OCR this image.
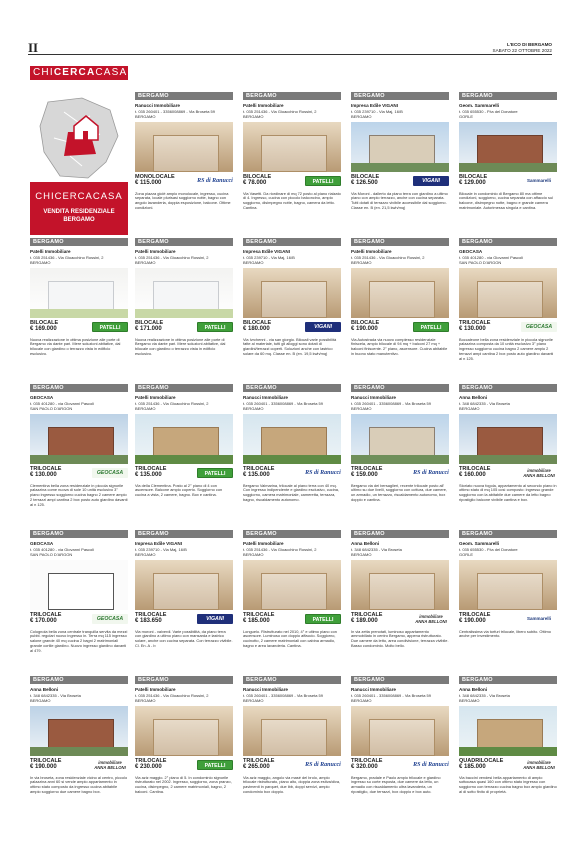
II	L'ECO DI BERGAMO
SABATO 22 OTTOBRE 2022
CHICERCACASA
CHICERCACASA
VENDITA RESIDENZIALE
BERGAMO
BERGAMO
Ranucci Immobiliare
t. 035 260401 - 3356008869 - Via Broseta 59
BERGAMO
MONOLOCALE
€ 115.000	RS di Ranucci
Zona piazza giolè ampio monolocale, ingresso, cucina separata, locale plurisasi soggiorno notte, bagno con angolo lavanderia, doppia esposizione, balcone. Ottime condizioni.
BERGAMO
Patelli Immobiliare
t. 035 251436 - Via Gioacchino Rossini, 2
BERGAMO
BILOCALE
€ 78.000	PATELLI
Via Vasetti. Da riordinare di mq 72 posto al piano rialzato di 4. Ingresso, cucina con piccolo balconcino, ampio soggiorno, disimpegno notte, bagno, camera da letto. Cantina.
BERGAMO
Impresa Edile VIGANI
t. 035 239710 - Via Maj, 16/B
BERGAMO
BILOCALE
€ 126.500	VIGANI
Via Moroni - dallerto da piano terra con giardino a ultimo piano con ampio terrazzo, anche con cucina separata. Tutti dotati di terrazzo vivibile accessibile dal soggiorno. Classe en. B (en. 21,5 kwh/mq)
BERGAMO
Geom. Sammarelli
t. 035 655530 - P.ta del Donatore
GORLE
BILOCALE
€ 129.000	Sammarelli
Bilocale in condominio di Bergamo 80 ma ottime condizioni, soggiorno, cucina separata con affaccio sul balcone, disimpegno notte, bagno e grande camera matrimoniale. Autorimessa singola e cantina.
BERGAMO
Patelli Immobiliare
t. 035 251436 - Via Gioacchino Rossini, 2
BERGAMO
BILOCALE
€ 169.000	PATELLI
Nuova realizzazione in ottima posizione alle porte di Bergamo via dante pari. Mere soluzioni abitative, dal bilocale con giardino o terrazzo vista in edificio esclusivo.
BERGAMO
Patelli Immobiliare
t. 035 251436 - Via Gioacchino Rossini, 2
BERGAMO
BILOCALE
€ 171.000	PATELLI
Nuova realizzazione in ottima posizione alle porte di Bergamo via dante pari. Mere soluzioni abitative, dal bilocale con giardino o terrazzo vista in edificio esclusivo.
BERGAMO
Impresa Edile VIGANI
t. 035 239710 - Via Maj, 16/B
BERGAMO
BILOCALE
€ 180.000	VIGANI
Via Ivrchenni - via san giorgio. Bilocali varie possibilità fatte al materiale, tutti gli alloggi sono dotati di giardini/terrazzi coperti. Soluzioni anche con lastrico solare da 60 mq. Classe en. B (en. 19,5 kwh/mq)
BERGAMO
Patelli Immobiliare
t. 035 251436 - Via Gioacchino Rossini, 2
BERGAMO
BILOCALE
€ 190.000	PATELLI
Via Autostrada via nuovo complesso residenziale finiscela, ampio bilocale di 94 mq + balconi 27 mq + balconi finiscente. 2° piano, ascensore. Cucina abitabile in buono stato manutentivo.
BERGAMO
GEOCASA
t. 035 401280 - via Giovanni Pascoli
SAN PAOLO D'ARGON
TRILOCALE
€ 130.000	GEOCASA
Boccaleone bella zona residenziale in piccola signorile palazzina composta da 10 unità esclusivo 3° piano ingresso soggiorno cucina bagno 2 camere ampio 2 terrazzi ampi cantina 2 box posto auto giardino davanti al n 125.
BERGAMO
GEOCASA
t. 035 401280 - via Giovanni Pascoli
SAN PAOLO D'ARGON
TRILOCALE
€ 130.000	GEOCASA
Clementina bella zona residenziale in piccola signorile palazzina come nuova di sole 10 unità esclusivo 3° piano ingresso soggiorno cucina bagno 2 camere ampio 2 terrazzi ampi cantina 2 box posto auto giardino davanti al n 125.
BERGAMO
Patelli Immobiliare
t. 035 251436 - Via Gioacchino Rossini, 2
BERGAMO
TRILOCALE
€ 135.000	PATELLI
Via della Clementina. Posto al 2° piano di 4 con ascensore. Balcone ampio coperto. Soggiorno con cucina a vista, 2 camere, bagno. Box e cantina.
BERGAMO
Ranucci Immobiliare
t. 035 260401 - 3356008869 - Via Broseta 59
BERGAMO
TRILOCALE
€ 135.000	RS di Ranucci
Bergamo Valmarina, trilocale al piano terra con 40 mq. Con ingresso indipendente e giardino esclusivo, cucina, soggiorno, camera matrimoniale, cameretta, terrazza, bagno, riscaldamento autonomo.
BERGAMO
Ranucci Immobiliare
t. 035 260401 - 3356008869 - Via Broseta 59
BERGAMO
TRILOCALE
€ 159.000	RS di Ranucci
Bergamo via dei bersaglieri, recente trilocale posto all' ultimo su due livelli, soggiorno con cottura, due camere, un armadio, un terrazzo, riscaldamento autonomo, box doppio e cantina.
BERGAMO
Anna Belloni
t. 348 6842335 - Via Broseta
BERGAMO
TRILOCALE
€ 160.000
immobiliare ANNA BELLONI
Storiato nuova fogola, appartamento al secondo piano in ottimo stato di mq 105 così composto: ingresso grande soggiorno con la abitabile due camere da letto bagno ripostiglio balcone vivibile cantina e box.
BERGAMO
GEOCASA
t. 035 401280 - via Giovanni Pascoli
SAN PAOLO D'ARGON
TRILOCALE
€ 170.000	GEOCASA
Colognola bella zona centrale tranquilla servita da mezzi pubbl. regolari nuovo ingresso in. Terra mq 115 ingresso salone grande 40 mq cucina 2 bagni 2 matrimoniali grande cortile giardino. Nuovo ingresso giardino davanti al 479.
BERGAMO
Impresa Edile VIGANI
t. 035 239710 - Via Maj, 16/B
BERGAMO
TRILOCALE
€ 183.650	VIGANI
Via moroni - valverdi. Varie possibilità, da piano terra con giardino a ultimo piano con mansarda e lastrico solare, anche con cucina separata. Con terrazzo vivibile. Cl. En. A - b
BERGAMO
Patelli Immobiliare
t. 035 251436 - Via Gioacchino Rossini, 2
BERGAMO
TRILOCALE
€ 185.000	PATELLI
Longuelo. Ristrutturato nel 2010, 4° e ultimo piano con ascensore. Luminoso con doppio affaccio. Soggiorno, cucinotto, 2 camere matrimoniali con cabina armadio, bagno e area lavanderia. Cantina.
BERGAMO
Anna Belloni
t. 348 6842335 - Via Broseta
BERGAMO
TRILOCALE
€ 189.000
immobiliare ANNA BELLONI
In via zetta prenotati, luminoso appartamento ammobiliato in centro Bergamo, appena ristrutturato. Due camere da letto, area condivisione, terrazza vivibile. Basso condominio. Molto bello.
BERGAMO
Geom. Sammarelli
t. 035 655530 - P.ta del Donatore
GORLE
TRILOCALE
€ 190.000	Sammarelli
Centralissima via torfuri trilocale, libero subito. Ottimo anche per investimento.
BERGAMO
Anna Belloni
t. 348 6842335 - Via Broseta
BERGAMO
TRILOCALE
€ 190.000
immobiliare ANNA BELLONI
In via broseta, zona residenziale vicino al centro, piccolo palazzina anni 60 si vende ampio appartamento in ottimo stato composto da ingresso cucina abitabile ampio soggiorno due camere bagno box.
BERGAMO
Patelli Immobiliare
t. 035 251436 - Via Gioacchino Rossini, 2
BERGAMO
TRILOCALE
€ 230.000	PATELLI
Via aziz maggio. 2° piano di 5. In condominio signorile ristrutturato nel 2002. Ingresso, soggiorno, zona pranzo, cucina, disimpegno, 2 camere matrimoniali, bagno, 2 balconi. Cantina.
BERGAMO
Ranucci Immobiliare
t. 035 260401 - 3356008869 - Via Broseta 59
BERGAMO
TRILOCALE
€ 265.000	RS di Ranucci
Via aziz maggio, angolo via masé del brolo, ampio trilocale ristrutturato, piano alto, doppia zona estiva/diva, pavimenti in parquet, due ibb, doppi servizi, ampio condominio box doppio.
BERGAMO
Ranucci Immobiliare
t. 035 260401 - 3356008869 - Via Broseta 59
BERGAMO
TRILOCALE
€ 320.000	RS di Ranucci
Bergamo, pradale e Paolo ampio trilocale e giardino ingresso su corte esposta, due camere da letto, un armadio con riscaldamento ultra lavanderia, un ripostiglio, due terrazzi, box doppio e box auto.
BERGAMO
Anna Belloni
t. 348 6842335 - Via Broseta
BERGAMO
QUADRILOCALE
€ 185.000
immobiliare ANNA BELLONI
Via baccini vendesi bella appartamento di ampio sottocasa quasi 160 con ottimo stato ingresso con soggiorno con terrazzo cucina bagno box ampio giardino al di sotto finito di proprietà.
